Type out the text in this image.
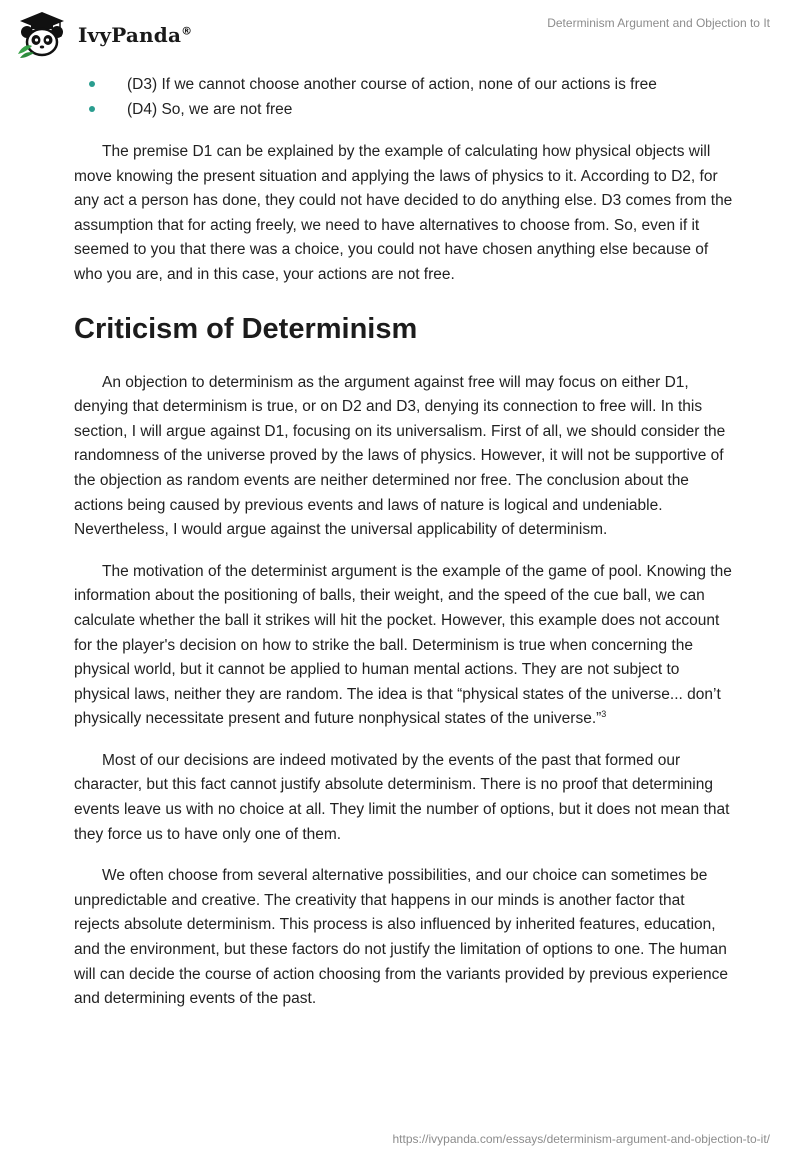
IvyPanda®
Determinism Argument and Objection to It
(D3) If we cannot choose another course of action, none of our actions is free
(D4) So, we are not free

The premise D1 can be explained by the example of calculating how physical objects will move knowing the present situation and applying the laws of physics to it. According to D2, for any act a person has done, they could not have decided to do anything else. D3 comes from the assumption that for acting freely, we need to have alternatives to choose from. So, even if it seemed to you that there was a choice, you could not have chosen anything else because of who you are, and in this case, your actions are not free.

Criticism of Determinism

An objection to determinism as the argument against free will may focus on either D1, denying that determinism is true, or on D2 and D3, denying its connection to free will. In this section, I will argue against D1, focusing on its universalism. First of all, we should consider the randomness of the universe proved by the laws of physics. However, it will not be supportive of the objection as random events are neither determined nor free. The conclusion about the actions being caused by previous events and laws of nature is logical and undeniable. Nevertheless, I would argue against the universal applicability of determinism.

The motivation of the determinist argument is the example of the game of pool. Knowing the information about the positioning of balls, their weight, and the speed of the cue ball, we can calculate whether the ball it strikes will hit the pocket. However, this example does not account for the player's decision on how to strike the ball. Determinism is true when concerning the physical world, but it cannot be applied to human mental actions. They are not subject to physical laws, neither they are random. The idea is that “physical states of the universe... don’t physically necessitate present and future nonphysical states of the universe.”$^3$

Most of our decisions are indeed motivated by the events of the past that formed our character, but this fact cannot justify absolute determinism. There is no proof that determining events leave us with no choice at all. They limit the number of options, but it does not mean that they force us to have only one of them.

We often choose from several alternative possibilities, and our choice can sometimes be unpredictable and creative. The creativity that happens in our minds is another factor that rejects absolute determinism. This process is also influenced by inherited features, education, and the environment, but these factors do not justify the limitation of options to one. The human will can decide the course of action choosing from the variants provided by previous experience and determining events of the past.

https://ivypanda.com/essays/determinism-argument-and-objection-to-it/
